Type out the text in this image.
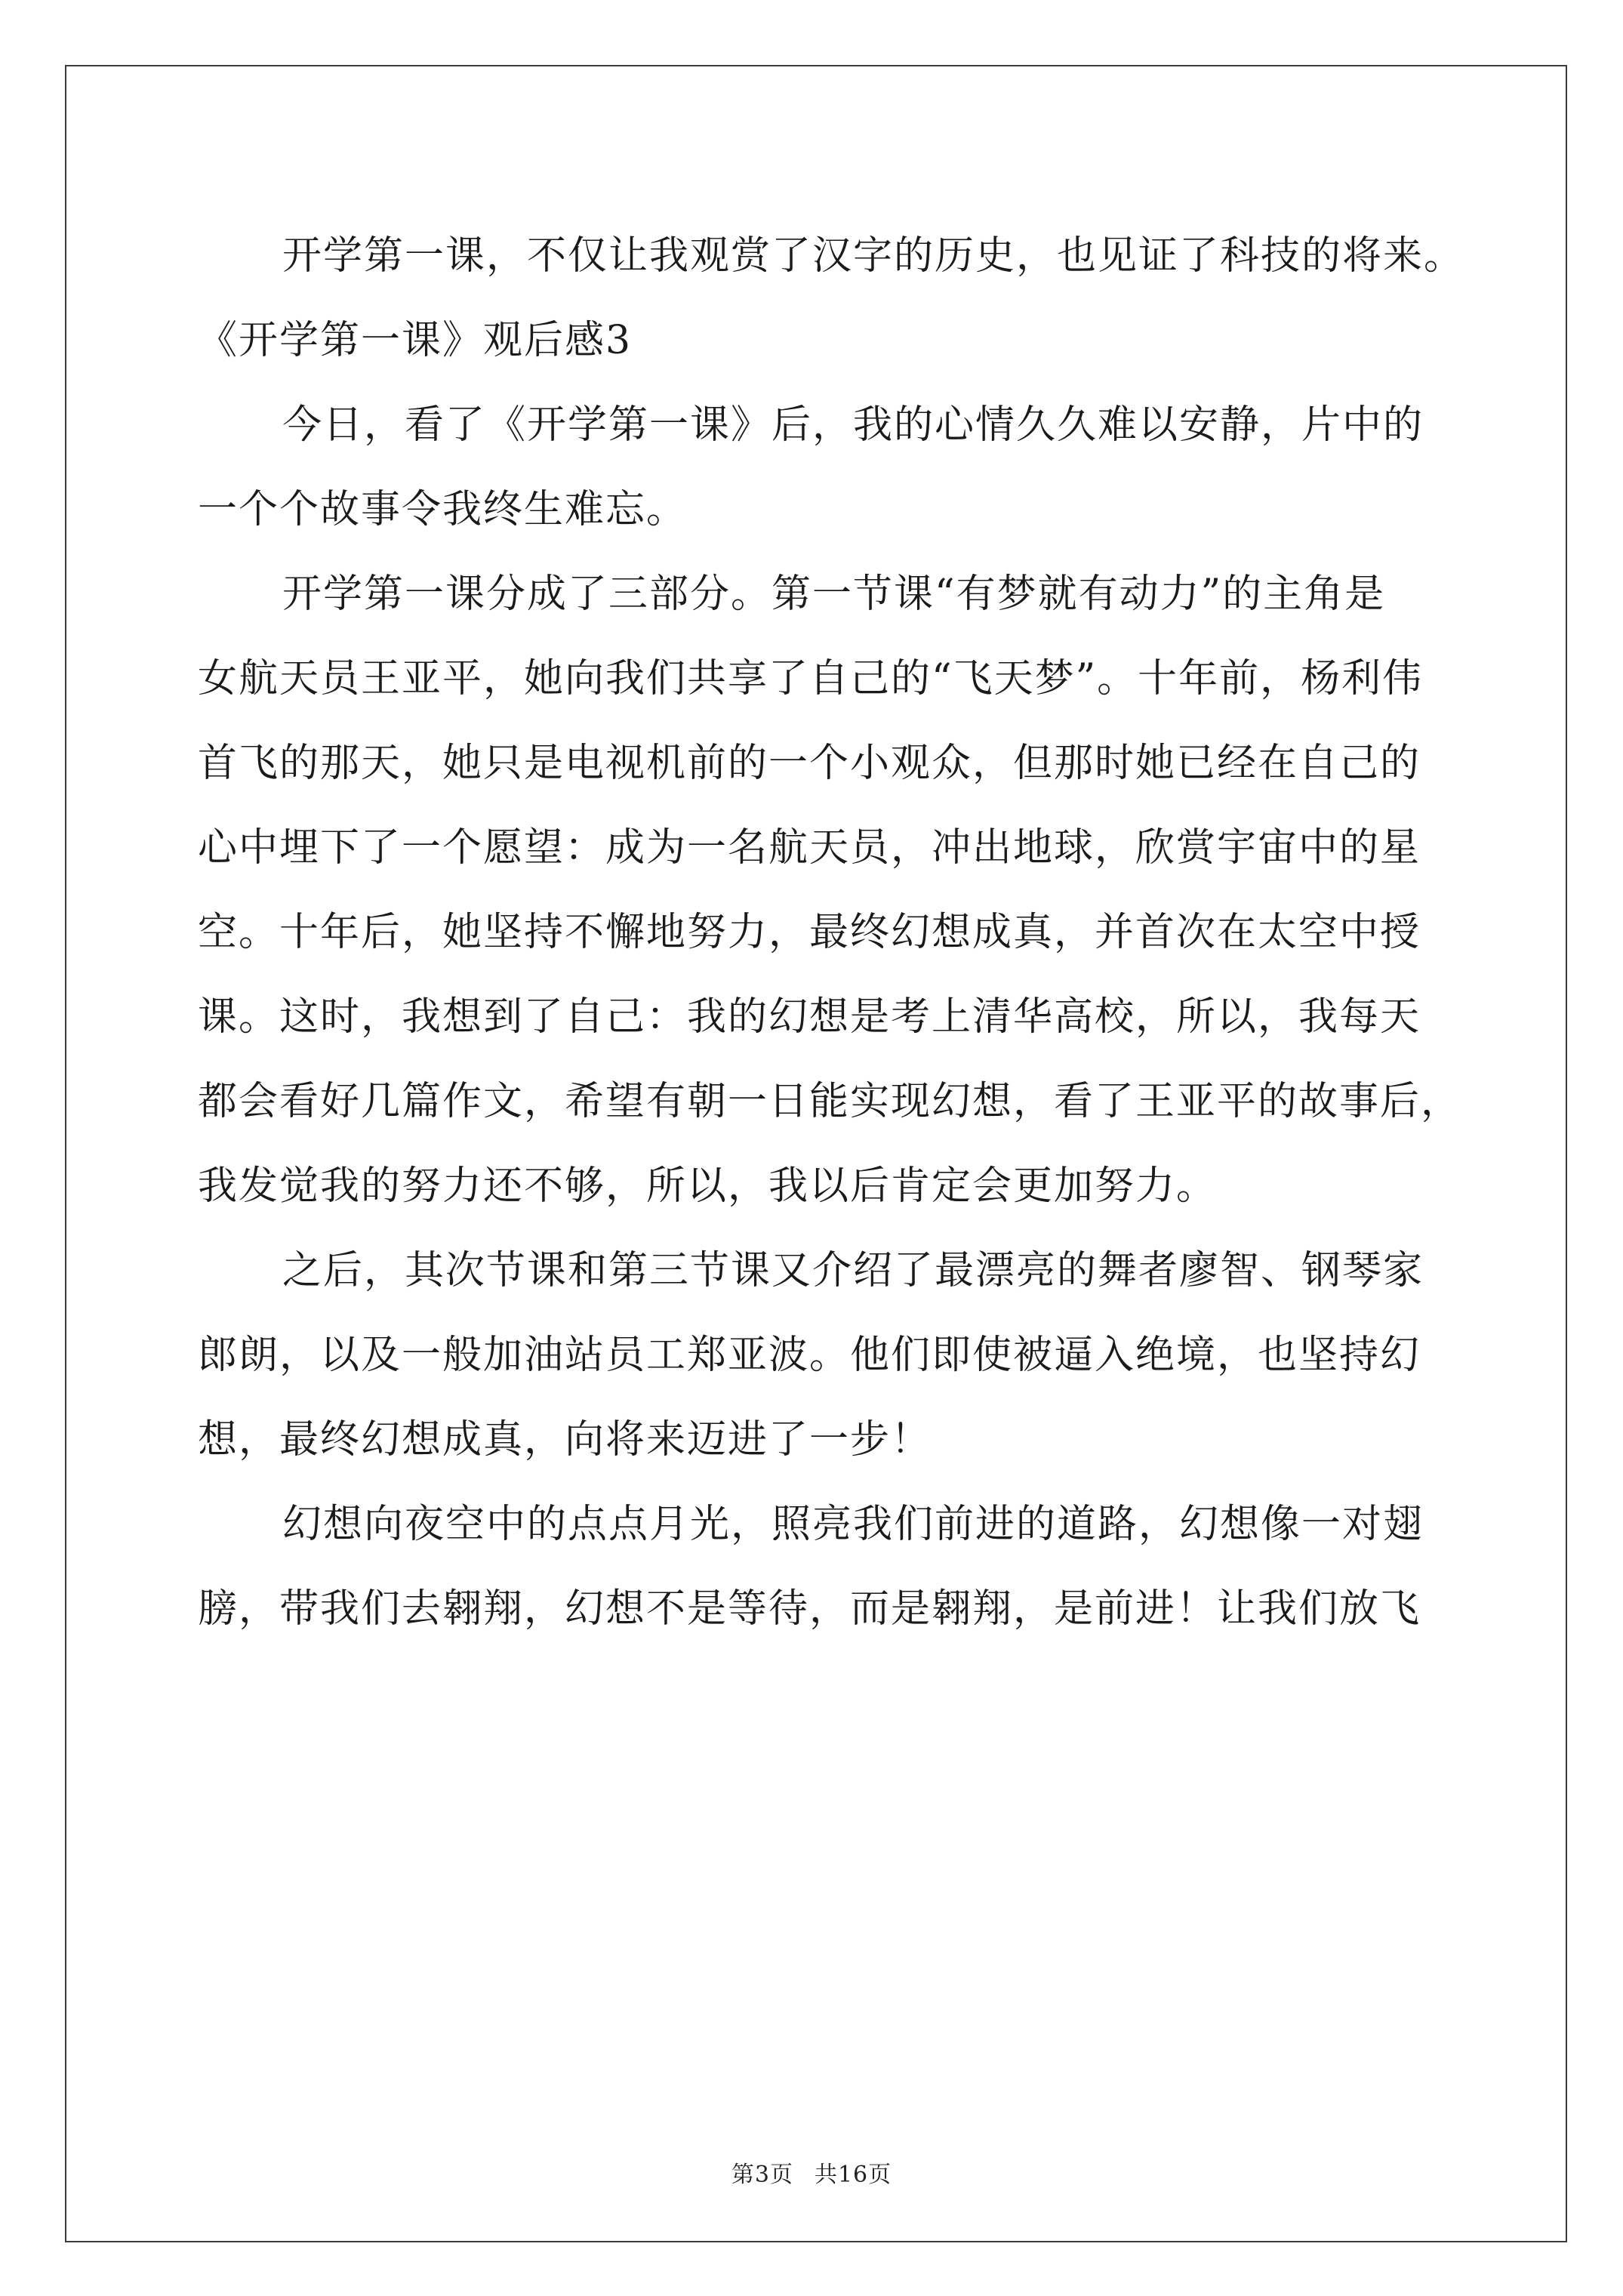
开学第一课，不仅让我观赏了汉字的历史，也见证了科技的将来。

《开学第一课》观后感3

今日，看了《开学第一课》后，我的心情久久难以安静，片中的

一个个故事令我终生难忘。

开学第一课分成了三部分。第一节课“有梦就有动力”的主角是

女航天员王亚平，她向我们共享了自己的“飞天梦”。十年前，杨利伟

首飞的那天，她只是电视机前的一个小观众，但那时她已经在自己的

心中埋下了一个愿望：成为一名航天员，冲出地球，欣赏宇宙中的星

空。十年后，她坚持不懈地努力，最终幻想成真，并首次在太空中授

课。这时，我想到了自己：我的幻想是考上清华高校，所以，我每天

都会看好几篇作文，希望有朝一日能实现幻想，看了王亚平的故事后，

我发觉我的努力还不够，所以，我以后肯定会更加努力。

之后，其次节课和第三节课又介绍了最漂亮的舞者廖智、钢琴家

郎朗，以及一般加油站员工郑亚波。他们即使被逼入绝境，也坚持幻

想，最终幻想成真，向将来迈进了一步！

幻想向夜空中的点点月光，照亮我们前进的道路，幻想像一对翅

膀，带我们去翱翔，幻想不是等待，而是翱翔，是前进！让我们放飞

第3页 共16页
